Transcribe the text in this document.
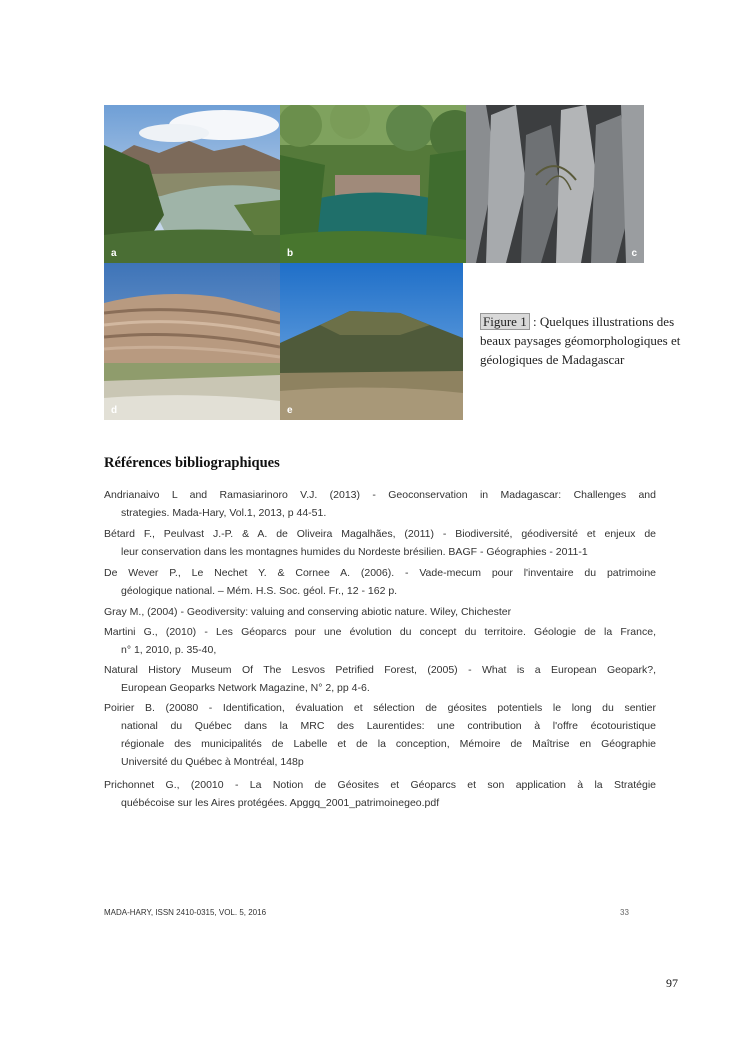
a	b	c
d	e
Figure 1 : Quelques illustrations des beaux paysages géomorphologiques et géologiques de Madagascar
Références bibliographiques
Andrianaivo L and Ramasiarinoro V.J. (2013) - Geoconservation in Madagascar: Challenges and
strategies. Mada-Hary, Vol.1, 2013, p 44-51.
Bétard F., Peulvast J.-P. & A. de Oliveira Magalhães, (2011) - Biodiversité, géodiversité et enjeux de
leur conservation dans les montagnes humides du Nordeste brésilien. BAGF - Géographies - 2011-1
De Wever P., Le Nechet Y. & Cornee A. (2006). - Vade-mecum pour l'inventaire du patrimoine
géologique national. – Mém. H.S. Soc. géol. Fr., 12 - 162 p.
Gray M., (2004) - Geodiversity: valuing and conserving abiotic nature. Wiley, Chichester
Martini G., (2010) - Les Géoparcs pour une évolution du concept du territoire. Géologie de la France,
n° 1, 2010, p. 35-40,
Natural History Museum Of The Lesvos Petrified Forest, (2005) - What is a European Geopark?,
European Geoparks Network Magazine, N° 2, pp 4-6.
Poirier B. (20080 - Identification, évaluation et sélection de géosites potentiels le long du sentier
national du Québec dans la MRC des Laurentides: une contribution à l'offre écotouristique
régionale des municipalités de Labelle et de la conception, Mémoire de Maîtrise en Géographie
Université du Québec à Montréal, 148p
Prichonnet G., (20010 - La Notion de Géosites et Géoparcs et son application à la Stratégie
québécoise sur les Aires protégées. Apggq_2001_patrimoinegeo.pdf
MADA-HARY, ISSN 2410-0315, VOL. 5, 2016	33
97
